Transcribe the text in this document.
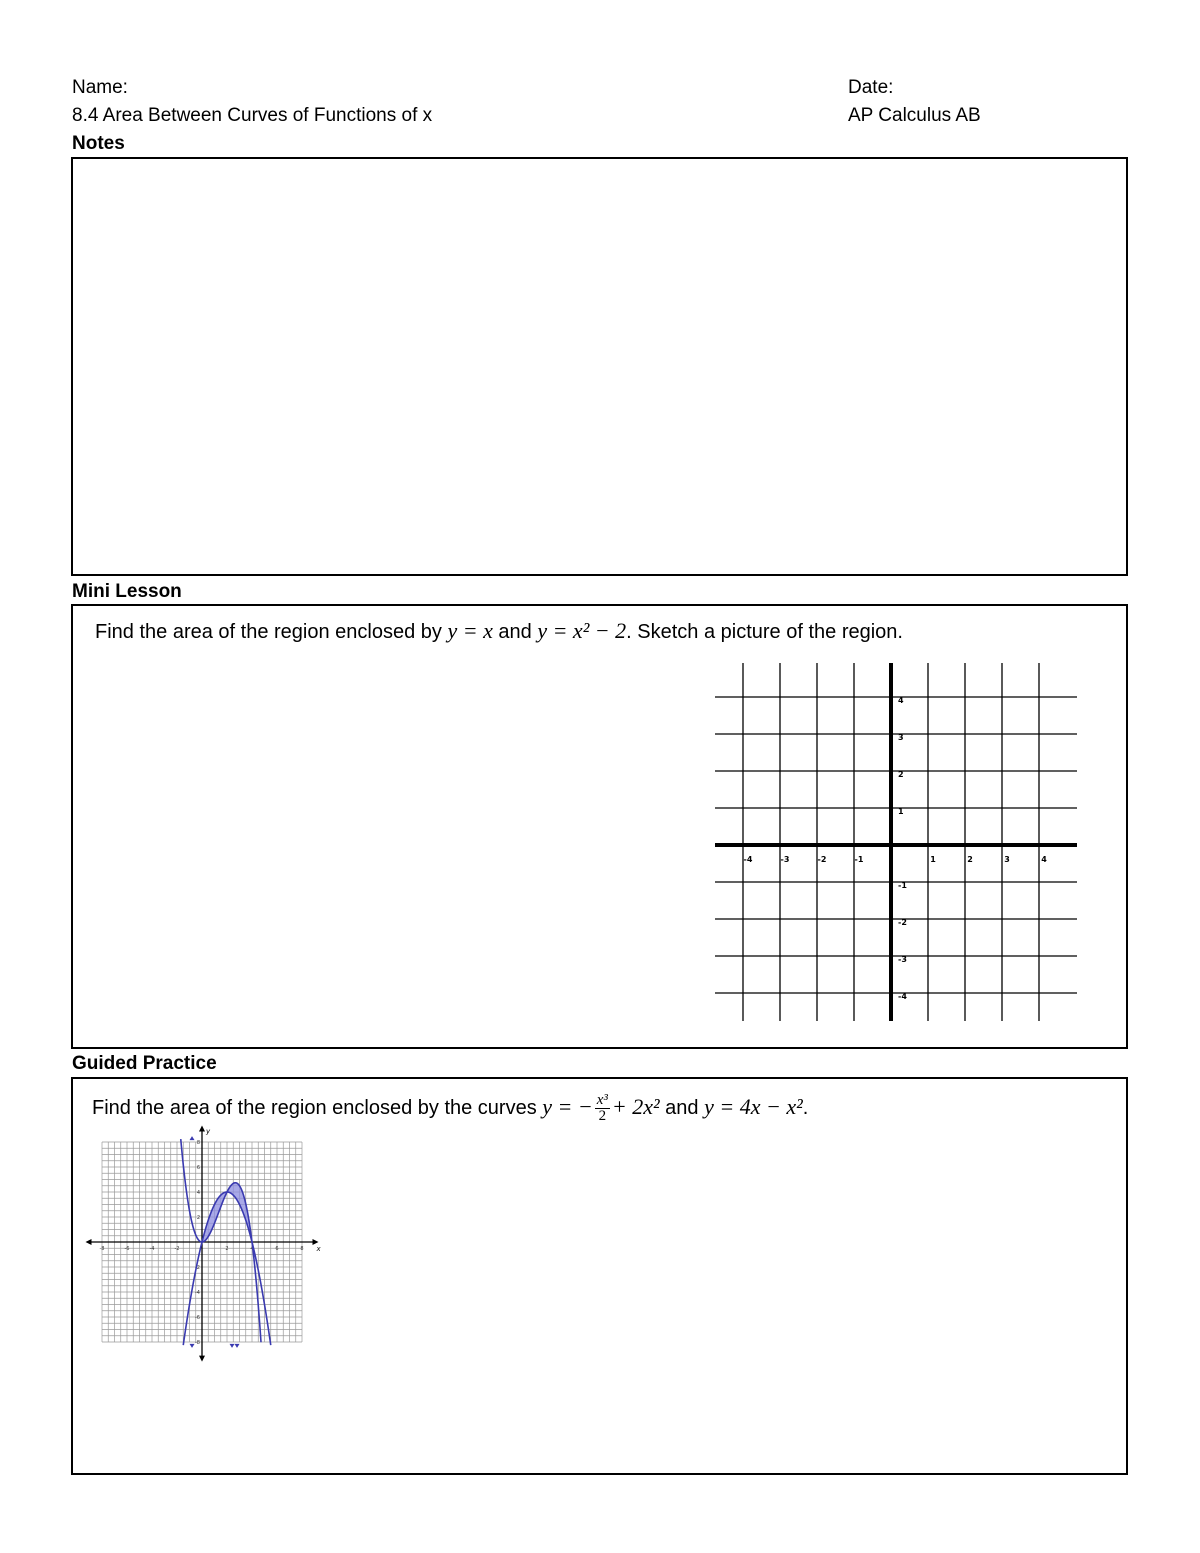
Name:	Date:
8.4 Area Between Curves of Functions of x	AP Calculus AB
Notes
Mini Lesson
Find the area of the region enclosed by y = x and y = x² − 2. Sketch a picture of the region.
-4	-3	-2	-1	1	2	3	4
4
3
2
1
-1
-2
-3
-4
Guided Practice
Find the area of the region enclosed by the curves y = − $\frac{\text{x³}}{2} + 2x^2$ and y = 4x − x².
x
y
-8	-6	-4	-2	2	4	6	8
8
6
4
2
-2
-4
-6
-8
